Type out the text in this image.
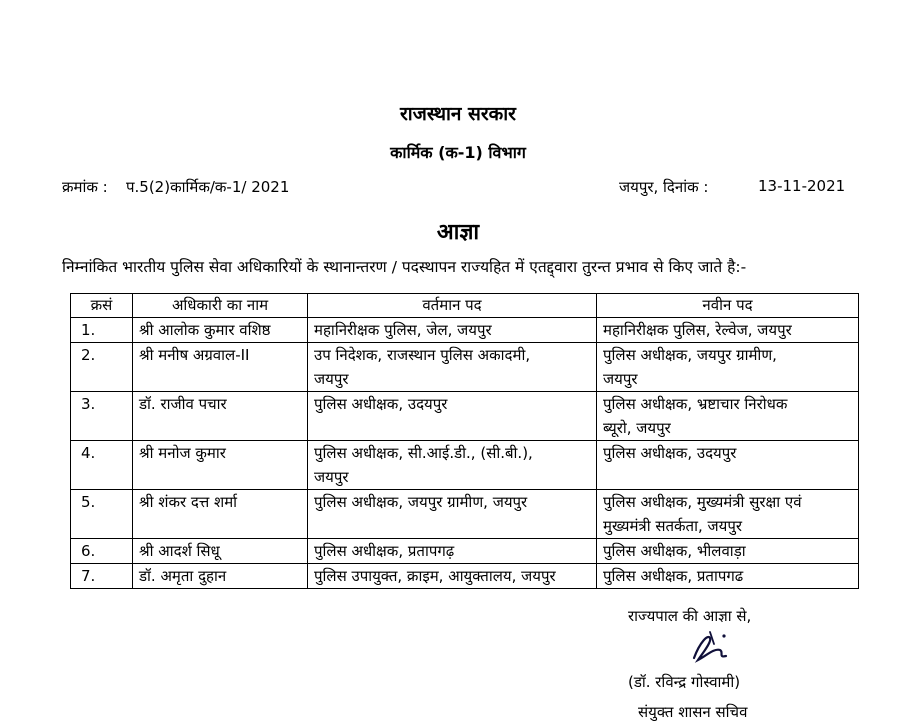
राजस्थान सरकार
कार्मिक (क-1) विभाग
क्रमांक : प.5(2)कार्मिक/क-1/ 2021	जयपुर, दिनांक :	13-11-2021
आज्ञा
निम्नांकित भारतीय पुलिस सेवा अधिकारियों के स्थानान्तरण / पदस्थापन राज्यहित में एतद्द्वारा तुरन्त प्रभाव से किए जाते है:-
क्रसं	अधिकारी का नाम	वर्तमान पद	नवीन पद
1.	श्री आलोक कुमार वशिष्ठ	महानिरीक्षक पुलिस, जेल, जयपुर	महानिरीक्षक पुलिस, रेल्वेज, जयपुर

2.	श्री मनीष अग्रवाल-II	उप निदेशक, राजस्थान पुलिस अकादमी,
जयपुर	पुलिस अधीक्षक, जयपुर ग्रामीण,
जयपुर

3.	डॉ. राजीव पचार	पुलिस अधीक्षक, उदयपुर	पुलिस अधीक्षक, भ्रष्टाचार निरोधक
ब्यूरो, जयपुर

4.	श्री मनोज कुमार	पुलिस अधीक्षक, सी.आई.डी., (सी.बी.),
जयपुर	पुलिस अधीक्षक, उदयपुर

5.	श्री शंकर दत्त शर्मा	पुलिस अधीक्षक, जयपुर ग्रामीण, जयपुर	पुलिस अधीक्षक, मुख्यमंत्री सुरक्षा एवं
मुख्यमंत्री सतर्कता, जयपुर

6.	श्री आदर्श सिधू	पुलिस अधीक्षक, प्रतापगढ़	पुलिस अधीक्षक, भीलवाड़ा

7.	डॉ. अमृता दुहान	पुलिस उपायुक्त, क्राइम, आयुक्तालय, जयपुर	पुलिस अधीक्षक, प्रतापगढ
राज्यपाल की आज्ञा से,
(डॉ. रविन्द्र गोस्वामी)
संयुक्त शासन सचिव
